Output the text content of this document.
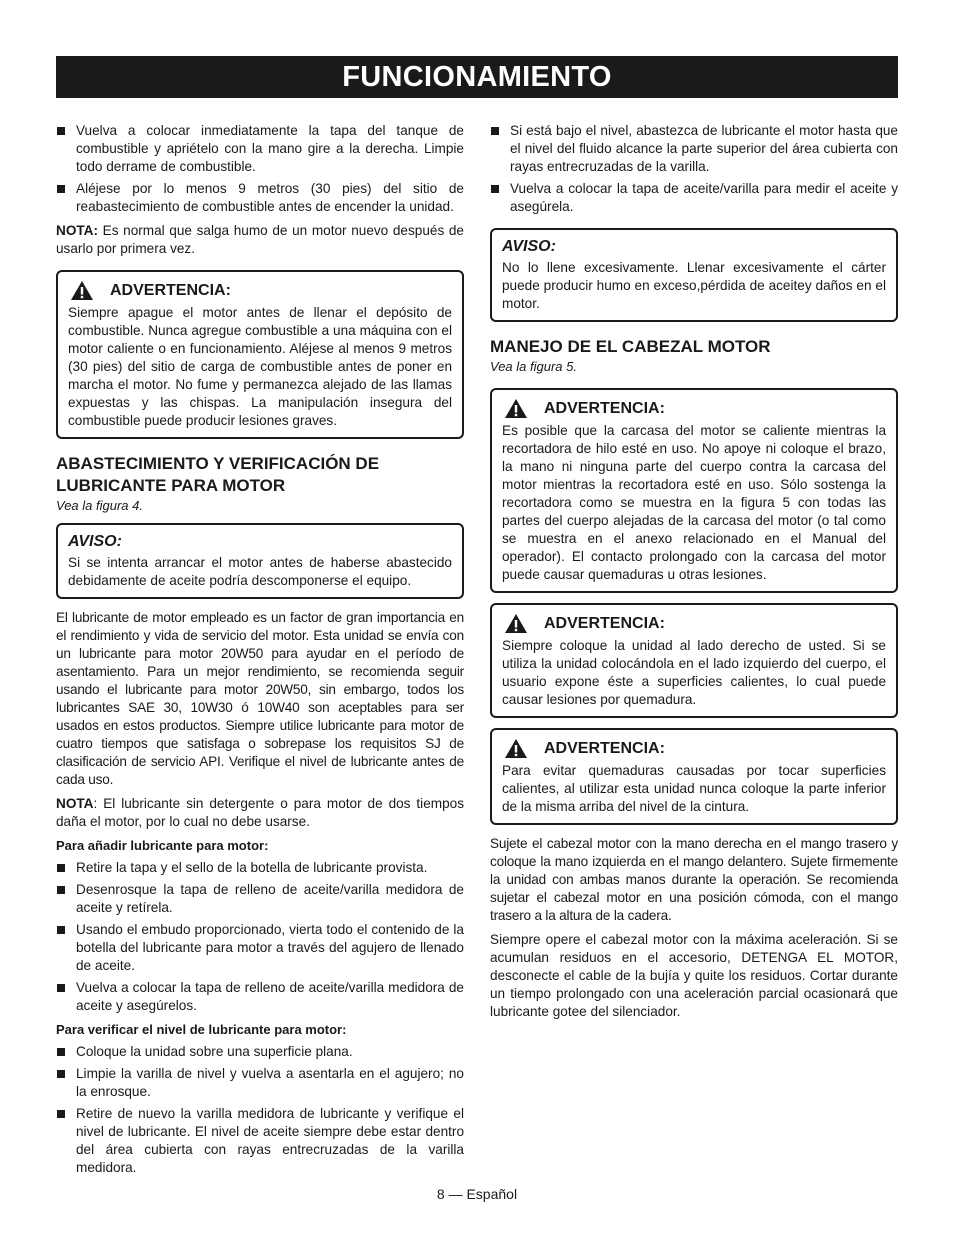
FUNCIONAMIENTO
Vuelva a colocar inmediatamente la tapa del tanque de combustible y apriételo con la mano gire a la derecha. Limpie todo derrame de combustible.
Aléjese por lo menos 9 metros (30 pies) del sitio de reabastecimiento de combustible antes de encender la unidad.

NOTA: Es normal que salga humo de un motor nuevo después de usarlo por primera vez.

ADVERTENCIA:

Siempre apague el motor antes de llenar el depósito de combustible. Nunca agregue combustible a una máquina con el motor caliente o en funcionamiento. Aléjese al menos 9 metros (30 pies) del sitio de carga de combustible antes de poner en marcha el motor. No fume y permanezca alejado de las llamas expuestas y las chispas. La manipulación insegura del combustible puede producir lesiones graves.

ABASTECIMIENTO Y VERIFICACIÓN DE LUBRICANTE PARA MOTOR
Vea la figura 4.
AVISO:

Si se intenta arrancar el motor antes de haberse abastecido debidamente de aceite podría descomponerse el equipo.

El lubricante de motor empleado es un factor de gran importancia en el rendimiento y vida de servicio del motor. Esta unidad se envía con un lubricante para motor 20W50 para ayudar en el período de asentamiento. Para un mejor rendimiento, se recomienda seguir usando el lubricante para motor 20W50, sin embargo, todos los lubricantes SAE 30, 10W30 ó 10W40 son aceptables para ser usados en estos productos. Siempre utilice lubricante para motor de cuatro tiempos que satisfaga o sobrepase los requisitos SJ de clasificación de servicio API. Verifique el nivel de lubricante antes de cada uso.

NOTA: El lubricante sin detergente o para motor de dos tiempos daña el motor, por lo cual no debe usarse.

Para añadir lubricante para motor:
Retire la tapa y el sello de la botella de lubricante provista.
Desenrosque la tapa de relleno de aceite/varilla medidora de aceite y retírela.
Usando el embudo proporcionado, vierta todo el contenido de la botella del lubricante para motor a través del agujero de llenado de aceite.
Vuelva a colocar la tapa de relleno de aceite/varilla medidora de aceite y asegúrelos.
Para verificar el nivel de lubricante para motor:
Coloque la unidad sobre una superficie plana.
Limpie la varilla de nivel y vuelva a asentarla en el agujero; no la enrosque.
Retire de nuevo la varilla medidora de lubricante y verifique el nivel de lubricante. El nivel de aceite siempre debe estar dentro del área cubierta con rayas entrecruzadas de la varilla medidora.
Si está bajo el nivel, abastezca de lubricante el motor hasta que el nivel del fluido alcance la parte superior del área cubierta con rayas entrecruzadas de la varilla.
Vuelva a colocar la tapa de aceite/varilla para medir el aceite y asegúrela.
AVISO:

No lo llene excesivamente. Llenar excesivamente el cárter puede producir humo en exceso,pérdida de aceitey daños en el motor.

MANEJO DE EL CABEZAL MOTOR
Vea la figura 5.
ADVERTENCIA:

Es posible que la carcasa del motor se caliente mientras la recortadora de hilo esté en uso. No apoye ni coloque el brazo, la mano ni ninguna parte del cuerpo contra la carcasa del motor mientras la recortadora esté en uso. Sólo sostenga la recortadora como se muestra en la figura 5 con todas las partes del cuerpo alejadas de la carcasa del motor (o tal como se muestra en el anexo relacionado en el Manual del operador). El contacto prolongado con la carcasa del motor puede causar quemaduras u otras lesiones.

ADVERTENCIA:

Siempre coloque la unidad al lado derecho de usted. Si se utiliza la unidad colocándola en el lado izquierdo del cuerpo, el usuario expone éste a superficies calientes, lo cual puede causar lesiones por quemadura.

ADVERTENCIA:

Para evitar quemaduras causadas por tocar superficies calientes, al utilizar esta unidad nunca coloque la parte inferior de la misma arriba del nivel de la cintura.

Sujete el cabezal motor con la mano derecha en el mango trasero y coloque la mano izquierda en el mango delantero. Sujete firmemente la unidad con ambas manos durante la operación. Se recomienda sujetar el cabezal motor en una posición cómoda, con el mango trasero a la altura de la cadera.

Siempre opere el cabezal motor con la máxima aceleración. Si se acumulan residuos en el accesorio, DETENGA EL MOTOR, desconecte el cable de la bujía y quite los residuos. Cortar durante un tiempo prolongado con una aceleración parcial ocasionará que lubricante gotee del silenciador.

8 — Español
